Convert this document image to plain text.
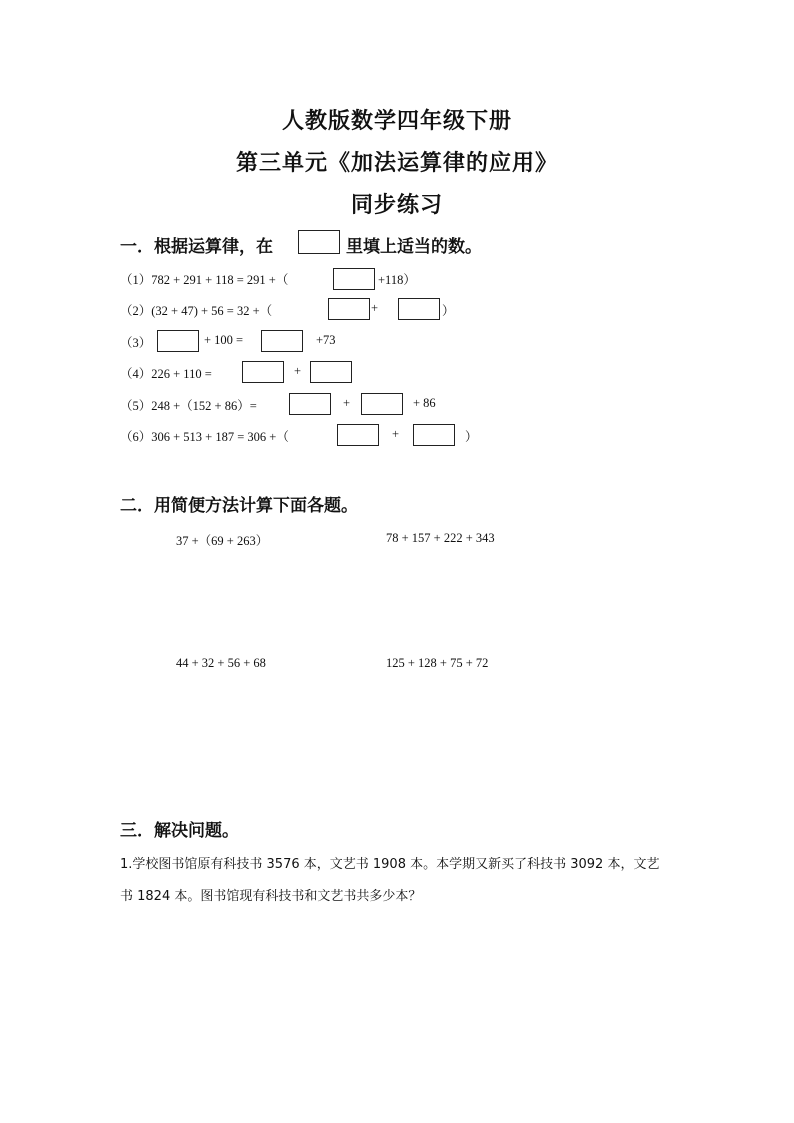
人教版数学四年级下册
第三单元《加法运算律的应用》
同步练习
一．根据运算律，在	里填上适当的数。
（1）782 + 291 + 118 = 291 +（	+118）
（2）(32 + 47) + 56 = 32 +（	+	）
（3）	+ 100 =	+73
（4）226 + 110 =	+
（5）248 +（152 + 86）=	+	+ 86
（6）306 + 513 + 187 = 306 +（	+	）
二．用简便方法计算下面各题。
37 +（69 + 263）	78 + 157 + 222 + 343
44 + 32 + 56 + 68	125 + 128 + 75 + 72
三．解决问题。
1.学校图书馆原有科技书 3576 本，文艺书 1908 本。本学期又新买了科技书 3092 本，文艺
书 1824 本。图书馆现有科技书和文艺书共多少本？
